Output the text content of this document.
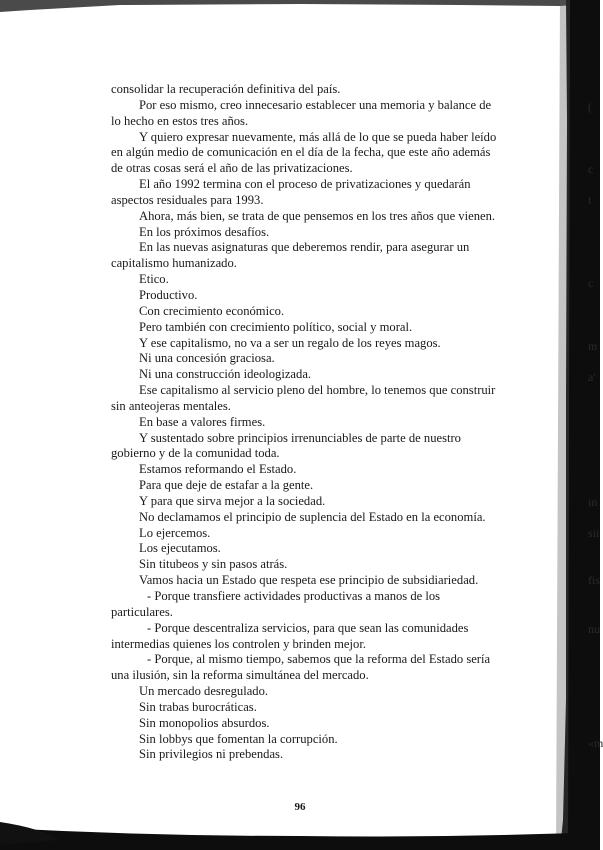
(
c
t
c
m
a'
in
sii
fis
nu
«m

consolidar la recuperación definitiva del país.

Por eso mismo, creo innecesario establecer una memoria y balance de

lo hecho en estos tres años.

Y quiero expresar nuevamente, más allá de lo que se pueda haber leído

en algún medio de comunicación en el día de la fecha, que este año además

de otras cosas será el año de las privatizaciones.

El año 1992 termina con el proceso de privatizaciones y quedarán

aspectos residuales para 1993.

Ahora, más bien, se trata de que pensemos en los tres años que vienen.

En los próximos desafíos.

En las nuevas asignaturas que deberemos rendir, para asegurar un

capitalismo humanizado.

Etico.

Productivo.

Con crecimiento económico.

Pero también con crecimiento político, social y moral.

Y ese capitalismo, no va a ser un regalo de los reyes magos.

Ni una concesión graciosa.

Ni una construcción ideologizada.

Ese capitalismo al servicio pleno del hombre, lo tenemos que construir

sin anteojeras mentales.

En base a valores firmes.

Y sustentado sobre principios irrenunciables de parte de nuestro

gobierno y de la comunidad toda.

Estamos reformando el Estado.

Para que deje de estafar a la gente.

Y para que sirva mejor a la sociedad.

No declamamos el principio de suplencia del Estado en la economía.

Lo ejercemos.

Los ejecutamos.

Sin titubeos y sin pasos atrás.

Vamos hacia un Estado que respeta ese principio de subsidiariedad.

- Porque transfiere actividades productivas a manos de los

particulares.

- Porque descentraliza servicios, para que sean las comunidades

intermedias quienes los controlen y brinden mejor.

- Porque, al mismo tiempo, sabemos que la reforma del Estado sería

una ilusión, sin la reforma simultánea del mercado.

Un mercado desregulado.

Sin trabas burocráticas.

Sin monopolios absurdos.

Sin lobbys que fomentan la corrupción.

Sin privilegios ni prebendas.

96
